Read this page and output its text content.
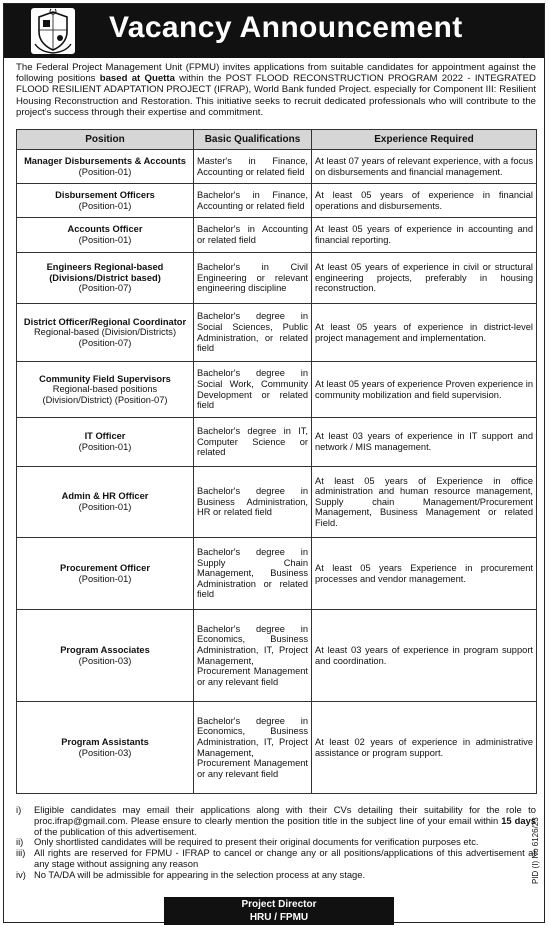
Vacancy Announcement
The Federal Project Management Unit (FPMU) invites applications from suitable candidates for appointment against the following positions based at Quetta within the POST FLOOD RECONSTRUCTION PROGRAM 2022 - INTEGRATED FLOOD RESILIENT ADAPTATION PROJECT (IFRAP), World Bank funded Project. especially for Component III: Resilient Housing Reconstruction and Restoration. This initiative seeks to recruit dedicated professionals who will contribute to the project's success through their expertise and commitment.
Position	Basic Qualifications	Experience Required

Manager Disbursements & Accounts
(Position-01)	Master's in Finance, Accounting or related field	At least 07 years of relevant experience, with a focus on disbursements and financial management.

Disbursement Officers
(Position-01)	Bachelor's in Finance, Accounting or related field	At least 05 years of experience in financial operations and disbursements.

Accounts Officer
(Position-01)	Bachelor's in Accounting or related field	At least 05 years of experience in accounting and financial reporting.

Engineers Regional-based (Divisions/District based)
(Position-07)	Bachelor's in Civil Engineering or relevant engineering discipline	At least 05 years of experience in civil or structural engineering projects, preferably in housing reconstruction.

District Officer/Regional Coordinator
Regional-based (Division/Districts) (Position-07)	Bachelor's degree in Social Sciences, Public Administration, or related field	At least 05 years of experience in district-level project management and implementation.

Community Field Supervisors
Regional-based positions (Division/District) (Position-07)	Bachelor's degree in Social Work, Community Development or related field	At least 05 years of experience Proven experience in community mobilization and field supervision.

IT Officer
(Position-01)	Bachelor's degree in IT, Computer Science or related	At least 03 years of experience in IT support and network / MIS management.

Admin & HR Officer
(Position-01)	Bachelor's degree in Business Administration, HR or related field	At least 05 years of Experience in office administration and human resource management, Supply chain Management/Procurement Management, Business Management or related Field.

Procurement Officer
(Position-01)	Bachelor's degree in Supply Chain Management, Business Administration or related field	At least 05 years Experience in procurement processes and vendor management.

Program Associates
(Position-03)	Bachelor's degree in Economics, Business Administration, IT, Project Management, Procurement Management or any relevant field	At least 03 years of experience in program support and coordination.

Program Assistants
(Position-03)	Bachelor's degree in Economics, Business Administration, IT, Project Management, Procurement Management or any relevant field	At least 02 years of experience in administrative assistance or program support.
i)	Eligible candidates may email their applications along with their CVs detailing their suitability for the role to proc.ifrap@gmail.com. Please ensure to clearly mention the position title in the subject line of your email within 15 days of the publication of this advertisement.
ii)	Only shortlisted candidates will be required to present their original documents for verification purposes etc.
iii) All rights are reserved for FPMU - IFRAP to cancel or change any or all positions/applications of this advertisement at any stage without assigning any reason
iv) No TA/DA will be admissible for appearing in the selection process at any stage.
Project Director
HRU / FPMU
PID (I) No 6126/23
